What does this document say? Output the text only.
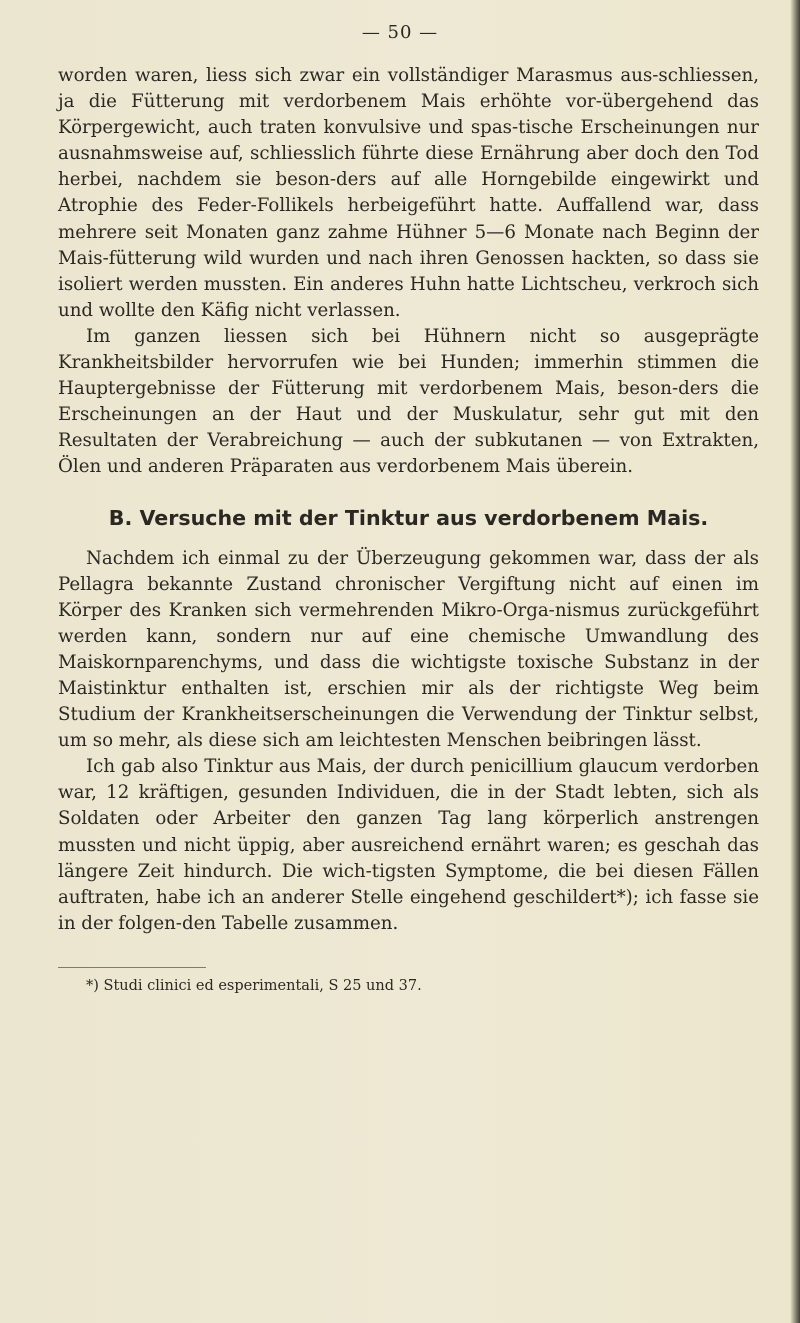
— 50 —

worden waren, liess sich zwar ein vollständiger Marasmus aus-schliessen, ja die Fütterung mit verdorbenem Mais erhöhte vor-übergehend das Körpergewicht, auch traten konvulsive und spas-tische Erscheinungen nur ausnahmsweise auf, schliesslich führte diese Ernährung aber doch den Tod herbei, nachdem sie beson-ders auf alle Horngebilde eingewirkt und Atrophie des Feder-Follikels herbeigeführt hatte. Auffallend war, dass mehrere seit Monaten ganz zahme Hühner 5—6 Monate nach Beginn der Mais-fütterung wild wurden und nach ihren Genossen hackten, so dass sie isoliert werden mussten. Ein anderes Huhn hatte Lichtscheu, verkroch sich und wollte den Käfig nicht verlassen.

Im ganzen liessen sich bei Hühnern nicht so ausgeprägte Krankheitsbilder hervorrufen wie bei Hunden; immerhin stimmen die Hauptergebnisse der Fütterung mit verdorbenem Mais, beson-ders die Erscheinungen an der Haut und der Muskulatur, sehr gut mit den Resultaten der Verabreichung — auch der subkutanen — von Extrakten, Ölen und anderen Präparaten aus verdorbenem Mais überein.

B. Versuche mit der Tinktur aus verdorbenem Mais.

Nachdem ich einmal zu der Überzeugung gekommen war, dass der als Pellagra bekannte Zustand chronischer Vergiftung nicht auf einen im Körper des Kranken sich vermehrenden Mikro-Orga-nismus zurückgeführt werden kann, sondern nur auf eine chemische Umwandlung des Maiskornparenchyms, und dass die wichtigste toxische Substanz in der Maistinktur enthalten ist, erschien mir als der richtigste Weg beim Studium der Krankheitserscheinungen die Verwendung der Tinktur selbst, um so mehr, als diese sich am leichtesten Menschen beibringen lässt.

Ich gab also Tinktur aus Mais, der durch penicillium glaucum verdorben war, 12 kräftigen, gesunden Individuen, die in der Stadt lebten, sich als Soldaten oder Arbeiter den ganzen Tag lang körperlich anstrengen mussten und nicht üppig, aber ausreichend ernährt waren; es geschah das längere Zeit hindurch. Die wich-tigsten Symptome, die bei diesen Fällen auftraten, habe ich an anderer Stelle eingehend geschildert*); ich fasse sie in der folgen-den Tabelle zusammen.

*) Studi clinici ed esperimentali, S 25 und 37.
